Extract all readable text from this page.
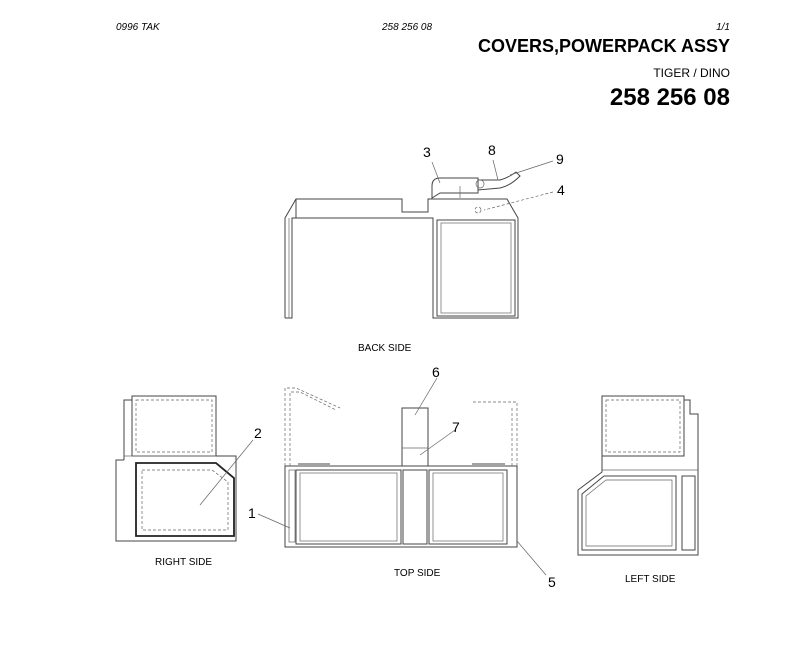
0996 TAK	258 256 08	1/1
COVERS,POWERPACK ASSY
TIGER / DINO
258 256 08
BACK SIDE
RIGHT SIDE
TOP SIDE
LEFT SIDE
1
2
3
4
5
6
7
8
9
